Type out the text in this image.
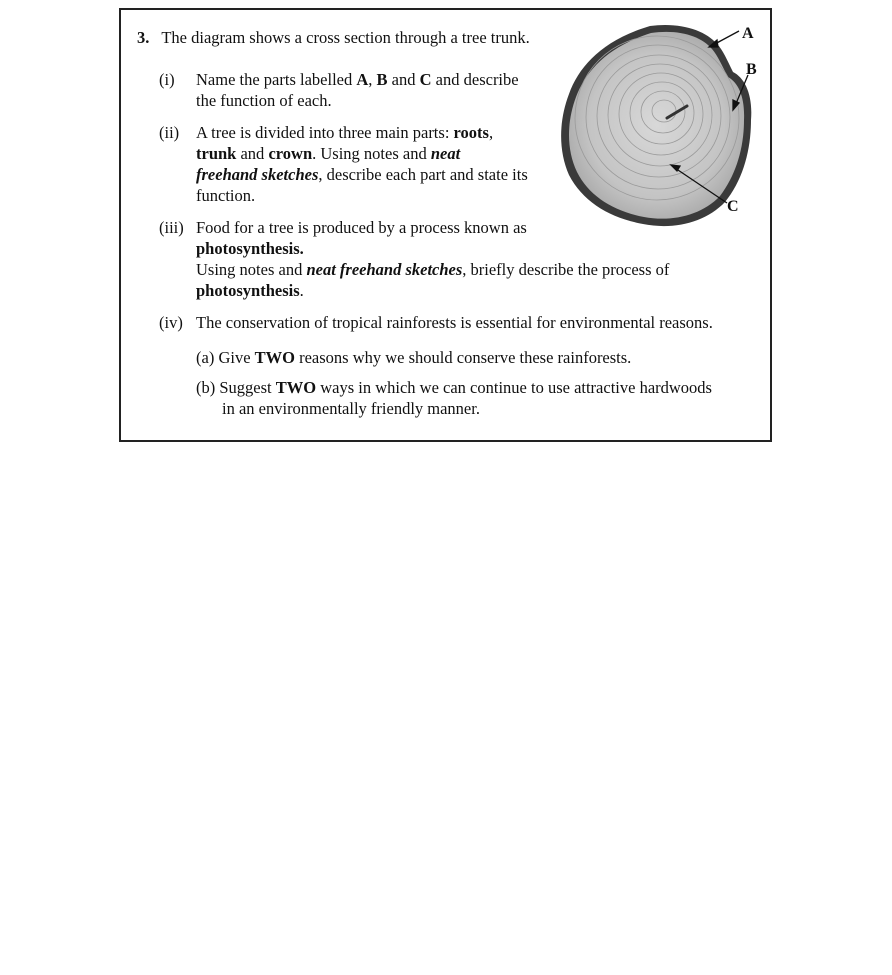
3. The diagram shows a cross section through a tree trunk.
(i) Name the parts labelled A, B and C and describe
the function of each.
(ii) A tree is divided into three main parts: roots,
trunk and crown. Using notes and neat
freehand sketches, describe each part and state its
function.
(iii) Food for a tree is produced by a process known as
photosynthesis.
Using notes and neat freehand sketches, briefly describe the process of
photosynthesis.
(iv) The conservation of tropical rainforests is essential for environmental reasons.
(a) Give TWO reasons why we should conserve these rainforests.
(b) Suggest TWO ways in which we can continue to use attractive hardwoods
in an environmentally friendly manner.
A
B
C
